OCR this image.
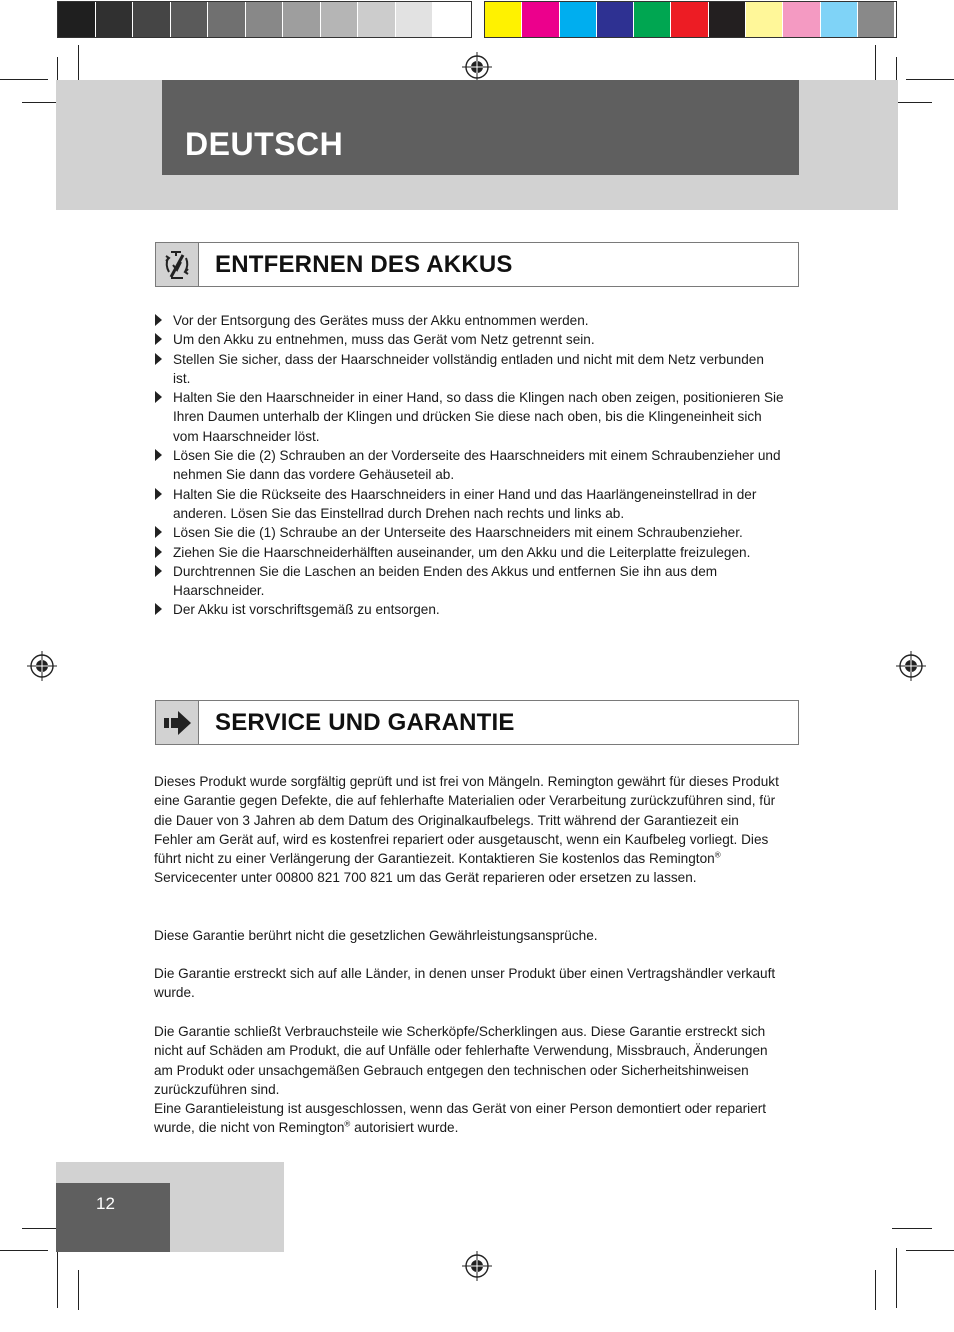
DEUTSCH
ENTFERNEN DES AKKUS
Vor der Entsorgung des Gerätes muss der Akku entnommen werden.
Um den Akku zu entnehmen, muss das Gerät vom Netz getrennt sein.
Stellen Sie sicher, dass der Haarschneider vollständig entladen und nicht mit dem Netz verbunden ist.
Halten Sie den Haarschneider in einer Hand, so dass die Klingen nach oben zeigen, positionieren Sie Ihren Daumen unterhalb der Klingen und drücken Sie diese nach oben, bis die Klingeneinheit sich vom Haarschneider löst.
Lösen Sie die (2) Schrauben an der Vorderseite des Haarschneiders mit einem Schraubenzieher und nehmen Sie dann das vordere Gehäuseteil ab.
Halten Sie die Rückseite des Haarschneiders in einer Hand und das Haarlängeneinstellrad in der anderen. Lösen Sie das Einstellrad durch Drehen nach rechts und links ab.
Lösen Sie die (1) Schraube an der Unterseite des Haarschneiders mit einem Schraubenzieher.
Ziehen Sie die Haarschneiderhälften auseinander, um den Akku und die Leiterplatte freizulegen.
Durchtrennen Sie die Laschen an beiden Enden des Akkus und entfernen Sie ihn aus dem Haarschneider.
Der Akku ist vorschriftsgemäß zu entsorgen.
SERVICE UND GARANTIE

Dieses Produkt wurde sorgfältig geprüft und ist frei von Mängeln. Remington gewährt für dieses Produkt eine Garantie gegen Defekte, die auf fehlerhafte Materialien oder Verarbeitung zurückzuführen sind, für die Dauer von 3 Jahren ab dem Datum des Originalkaufbelegs. Tritt während der Garantiezeit ein Fehler am Gerät auf, wird es kostenfrei repariert oder ausgetauscht, wenn ein Kaufbeleg vorliegt. Dies führt nicht zu einer Verlängerung der Garantiezeit. Kontaktieren Sie kostenlos das Remington® Servicecenter unter 00800 821 700 821 um das Gerät reparieren oder ersetzen zu lassen.

Diese Garantie berührt nicht die gesetzlichen Gewährleistungsansprüche.

Die Garantie erstreckt sich auf alle Länder, in denen unser Produkt über einen Vertragshändler verkauft wurde.

Die Garantie schließt Verbrauchsteile wie Scherköpfe/Scherklingen aus. Diese Garantie erstreckt sich nicht auf Schäden am Produkt, die auf Unfälle oder fehlerhafte Verwendung, Missbrauch, Änderungen am Produkt oder unsachgemäßen Gebrauch entgegen den technischen oder Sicherheitshinweisen zurückzuführen sind.

Eine Garantieleistung ist ausgeschlossen, wenn das Gerät von einer Person demontiert oder repariert wurde, die nicht von Remington® autorisiert wurde.

12
